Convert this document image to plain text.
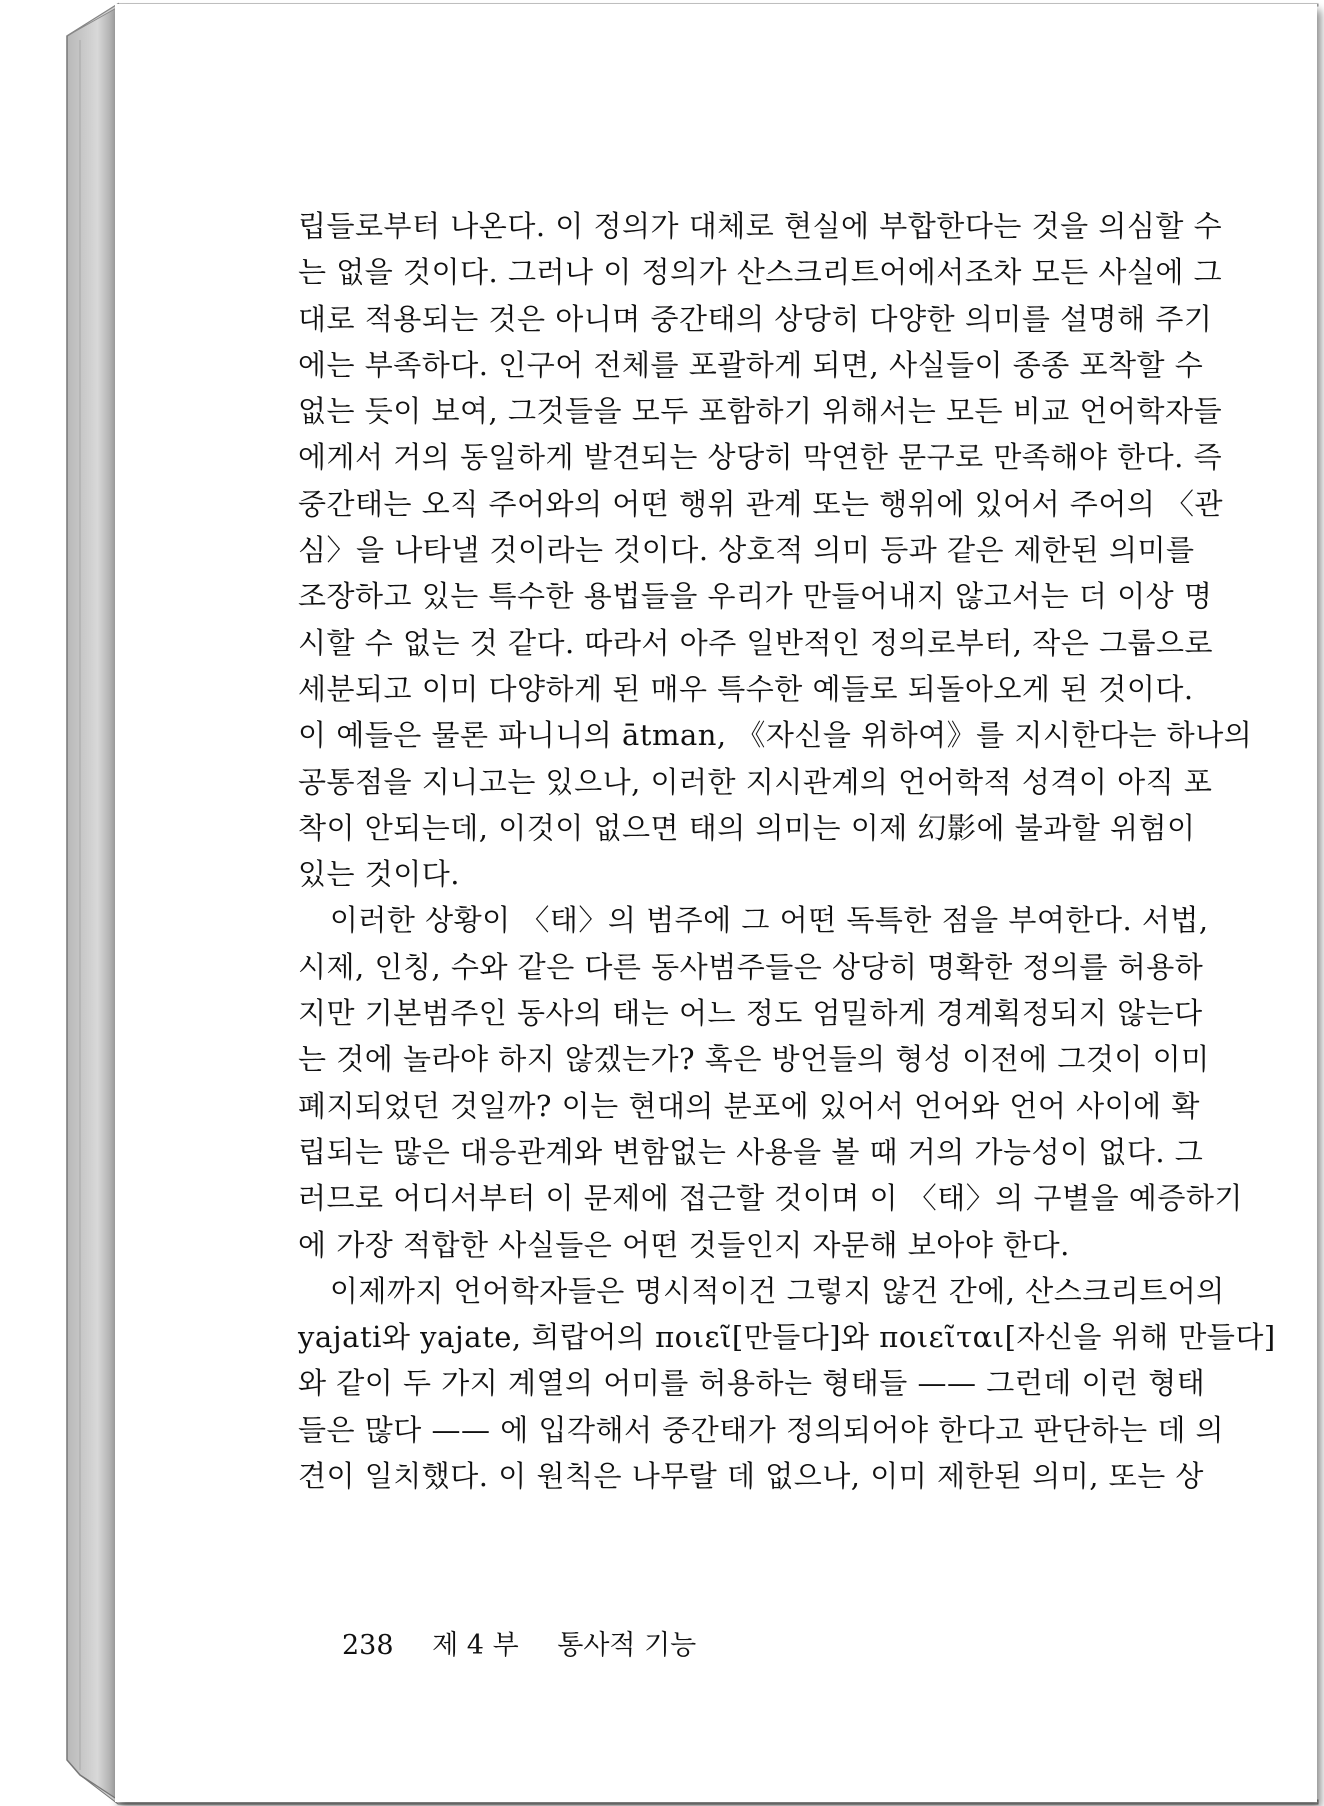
립들로부터 나온다. 이 정의가 대체로 현실에 부합한다는 것을 의심할 수
는 없을 것이다. 그러나 이 정의가 산스크리트어에서조차 모든 사실에 그
대로 적용되는 것은 아니며 중간태의 상당히 다양한 의미를 설명해 주기
에는 부족하다. 인구어 전체를 포괄하게 되면, 사실들이 종종 포착할 수
없는 듯이 보여, 그것들을 모두 포함하기 위해서는 모든 비교 언어학자들
에게서 거의 동일하게 발견되는 상당히 막연한 문구로 만족해야 한다. 즉
중간태는 오직 주어와의 어떤 행위 관계 또는 행위에 있어서 주어의 〈관
심〉을 나타낼 것이라는 것이다. 상호적 의미 등과 같은 제한된 의미를
조장하고 있는 특수한 용법들을 우리가 만들어내지 않고서는 더 이상 명
시할 수 없는 것 같다. 따라서 아주 일반적인 정의로부터, 작은 그룹으로
세분되고 이미 다양하게 된 매우 특수한 예들로 되돌아오게 된 것이다.
이 예들은 물론 파니니의 ātman, 《자신을 위하여》를 지시한다는 하나의
공통점을 지니고는 있으나, 이러한 지시관계의 언어학적 성격이 아직 포
착이 안되는데, 이것이 없으면 태의 의미는 이제 幻影에 불과할 위험이
있는 것이다.
이러한 상황이 〈태〉의 범주에 그 어떤 독특한 점을 부여한다. 서법,
시제, 인칭, 수와 같은 다른 동사범주들은 상당히 명확한 정의를 허용하
지만 기본범주인 동사의 태는 어느 정도 엄밀하게 경계획정되지 않는다
는 것에 놀라야 하지 않겠는가? 혹은 방언들의 형성 이전에 그것이 이미
폐지되었던 것일까? 이는 현대의 분포에 있어서 언어와 언어 사이에 확
립되는 많은 대응관계와 변함없는 사용을 볼 때 거의 가능성이 없다. 그
러므로 어디서부터 이 문제에 접근할 것이며 이 〈태〉의 구별을 예증하기
에 가장 적합한 사실들은 어떤 것들인지 자문해 보아야 한다.
이제까지 언어학자들은 명시적이건 그렇지 않건 간에, 산스크리트어의
yajati와 yajate, 희랍어의 ποιεῖ[만들다]와 ποιεῖται[자신을 위해 만들다]
와 같이 두 가지 계열의 어미를 허용하는 형태들 —— 그런데 이런 형태
들은 많다 —— 에 입각해서 중간태가 정의되어야 한다고 판단하는 데 의
견이 일치했다. 이 원칙은 나무랄 데 없으나, 이미 제한된 의미, 또는 상
238 제 4 부 통사적 기능
